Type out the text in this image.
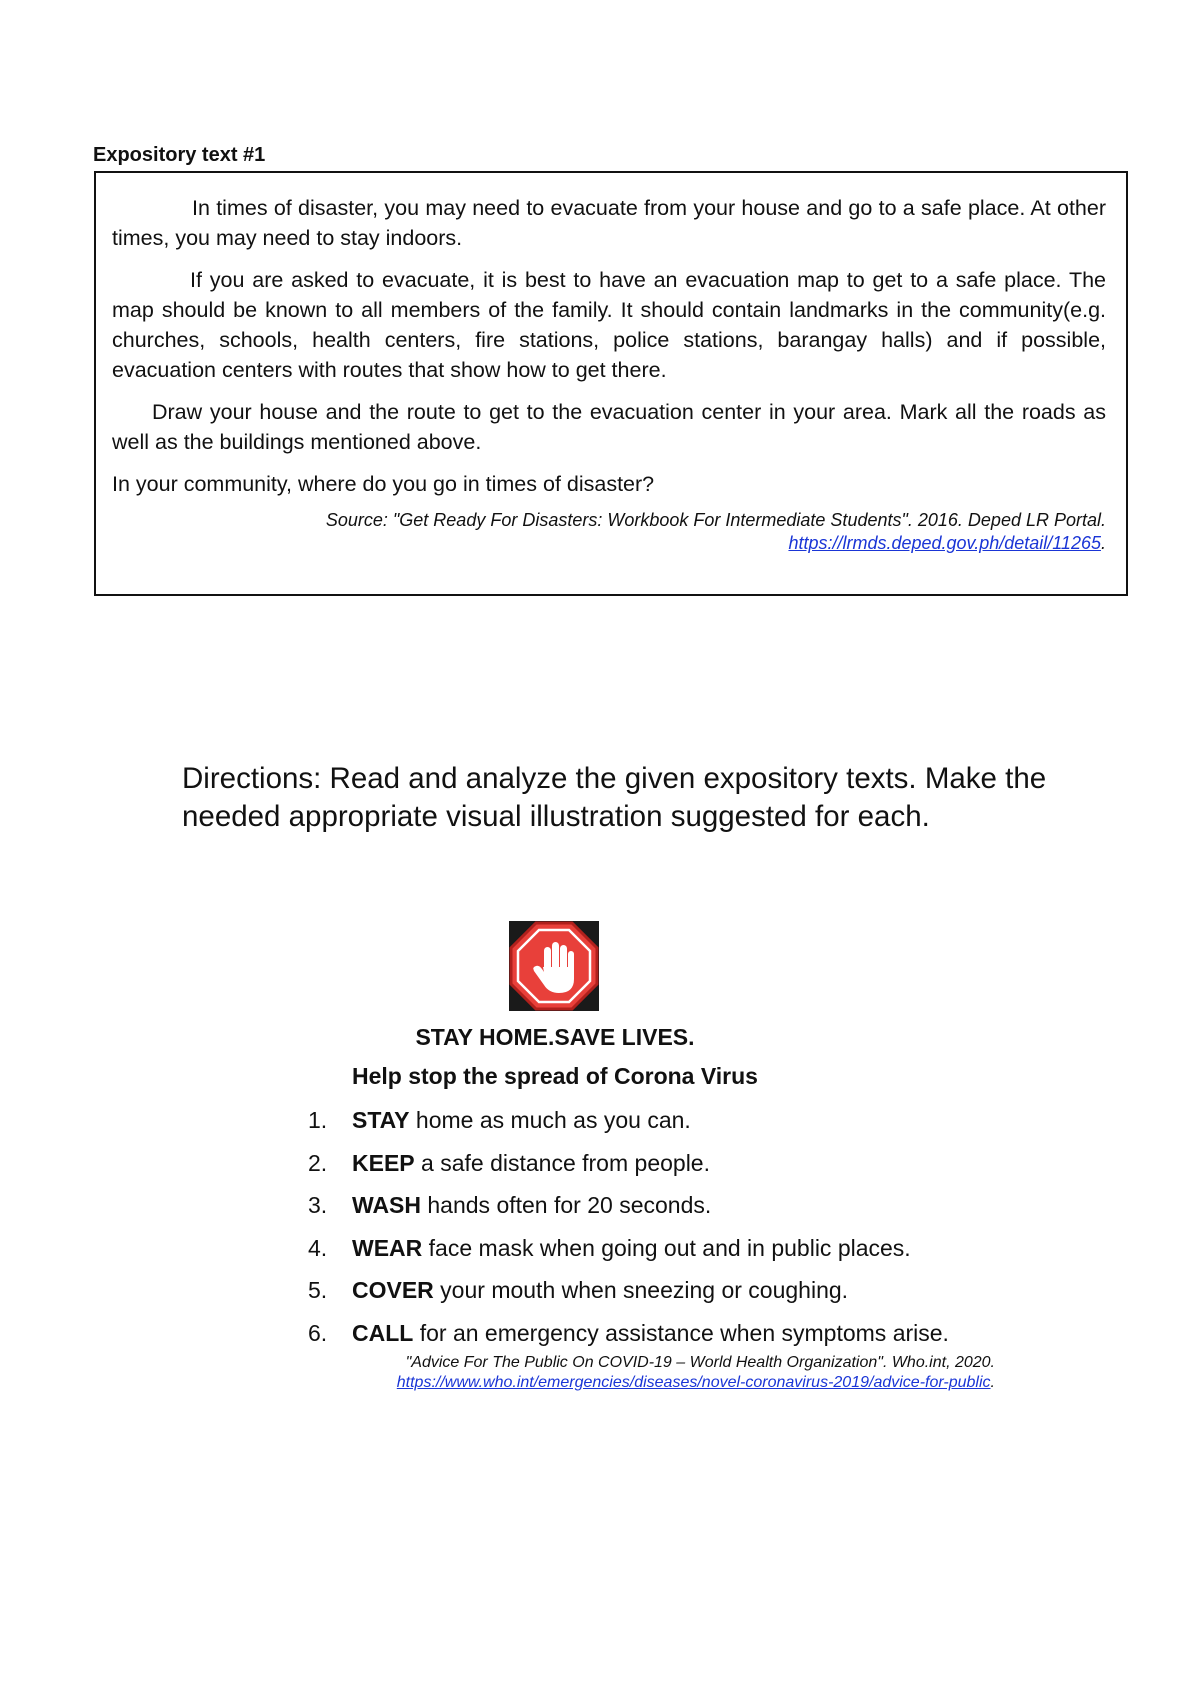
Expository text #1

In times of disaster, you may need to evacuate from your house and go to a safe place. At other times, you may need to stay indoors.

If you are asked to evacuate, it is best to have an evacuation map to get to a safe place. The map should be known to all members of the family. It should contain landmarks in the community(e.g. churches, schools, health centers, fire stations, police stations, barangay halls) and if possible, evacuation centers with routes that show how to get there.

Draw your house and the route to get to the evacuation center in your area. Mark all the roads as well as the buildings mentioned above.

In your community, where do you go in times of disaster?

Source: "Get Ready For Disasters: Workbook For Intermediate Students". 2016. Deped LR Portal.
https://lrmds.deped.gov.ph/detail/11265.

Directions: Read and analyze the given expository texts. Make the needed appropriate visual illustration suggested for each.

STAY HOME.SAVE LIVES.
Help stop the spread of Corona Virus
1. STAY home as much as you can.
2. KEEP a safe distance from people.
3. WASH hands often for 20 seconds.
4. WEAR face mask when going out and in public places.
5. COVER your mouth when sneezing or coughing.
6. CALL for an emergency assistance when symptoms arise.
"Advice For The Public On COVID-19 – World Health Organization". Who.int, 2020.
https://www.who.int/emergencies/diseases/novel-coronavirus-2019/advice-for-public.
